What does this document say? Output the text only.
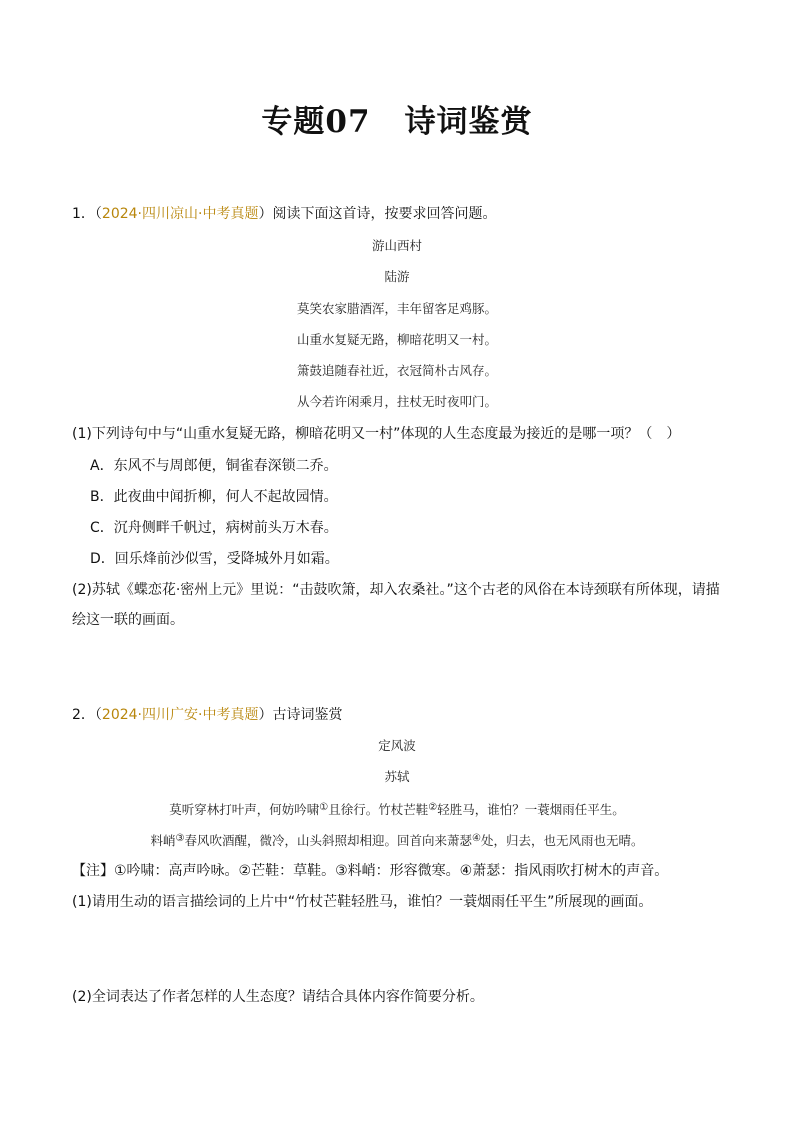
专题07 诗词鉴赏
1．（2024·四川凉山·中考真题）阅读下面这首诗，按要求回答问题。
游山西村
陆游
莫笑农家腊酒浑，丰年留客足鸡豚。
山重水复疑无路，柳暗花明又一村。
箫鼓追随春社近，衣冠简朴古风存。
从今若许闲乘月，拄杖无时夜叩门。
(1)下列诗句中与“山重水复疑无路，柳暗花明又一村”体现的人生态度最为接近的是哪一项？（　）
A．东风不与周郎便，铜雀春深锁二乔。
B．此夜曲中闻折柳，何人不起故园情。
C．沉舟侧畔千帆过，病树前头万木春。
D．回乐烽前沙似雪，受降城外月如霜。
(2)苏轼《蝶恋花·密州上元》里说：“击鼓吹箫，却入农桑社。”这个古老的风俗在本诗颈联有所体现，请描
绘这一联的画面。
2．（2024·四川广安·中考真题）古诗词鉴赏
定风波
苏轼
莫听穿林打叶声，何妨吟啸①且徐行。竹杖芒鞋②轻胜马，谁怕？一蓑烟雨任平生。
料峭③春风吹酒醒，微冷，山头斜照却相迎。回首向来萧瑟④处，归去，也无风雨也无晴。
【注】①吟啸：高声吟咏。②芒鞋：草鞋。③料峭：形容微寒。④萧瑟：指风雨吹打树木的声音。
(1)请用生动的语言描绘词的上片中“竹杖芒鞋轻胜马，谁怕？一蓑烟雨任平生”所展现的画面。
(2)全词表达了作者怎样的人生态度？请结合具体内容作简要分析。
